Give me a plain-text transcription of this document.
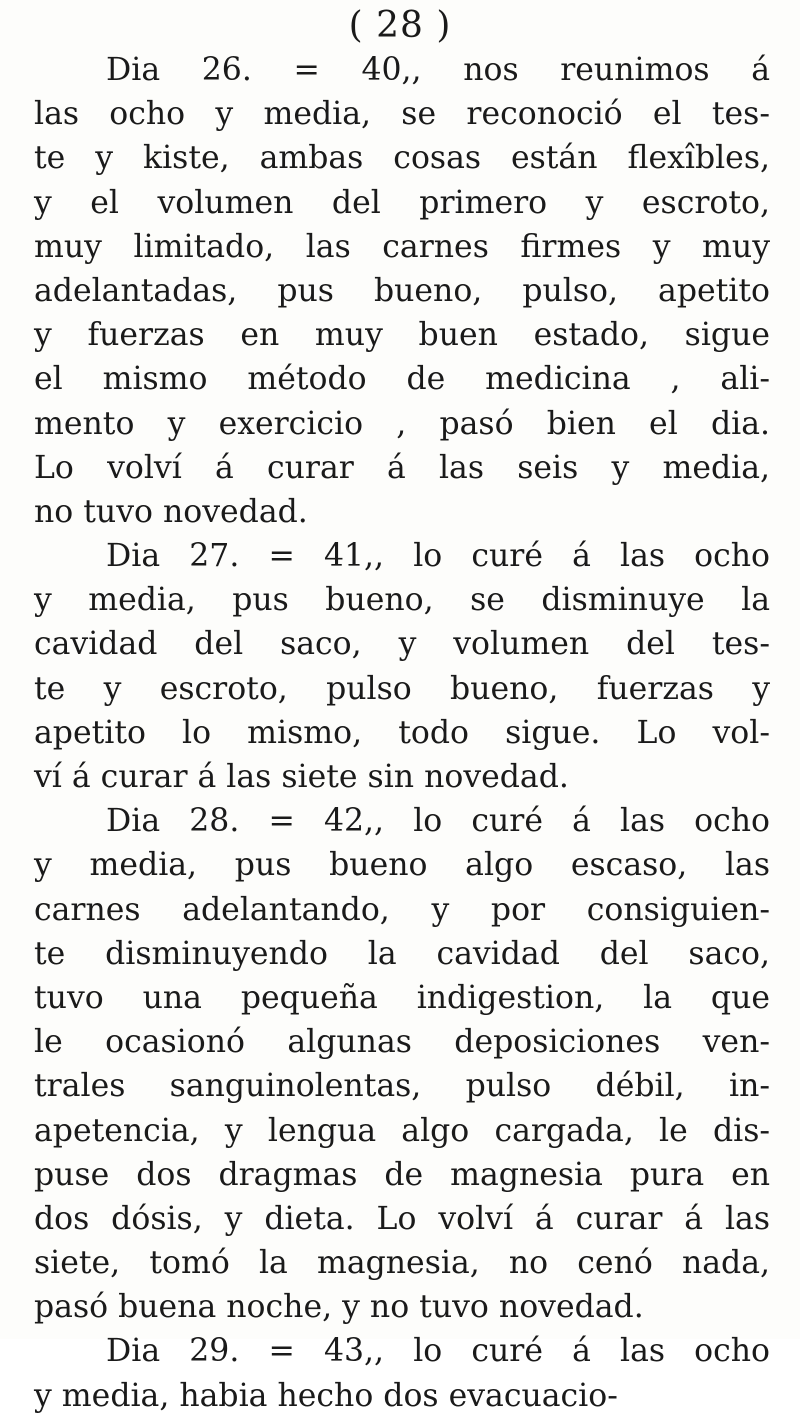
( 28 )
Dia 26. = 40,, nos reunimos á
las ocho y media, se reconoció el tes-
te y kiste, ambas cosas están flexîbles,
y el volumen del primero y escroto,
muy limitado, las carnes firmes y muy
adelantadas, pus bueno, pulso, apetito
y fuerzas en muy buen estado, sigue
el mismo método de medicina , ali-
mento y exercicio , pasó bien el dia.
Lo volví á curar á las seis y media,
no tuvo novedad.
Dia 27. = 41,, lo curé á las ocho
y media, pus bueno, se disminuye la
cavidad del saco, y volumen del tes-
te y escroto, pulso bueno, fuerzas y
apetito lo mismo, todo sigue. Lo vol-
ví á curar á las siete sin novedad.
Dia 28. = 42,, lo curé á las ocho
y media, pus bueno algo escaso, las
carnes adelantando, y por consiguien-
te disminuyendo la cavidad del saco,
tuvo una pequeña indigestion, la que
le ocasionó algunas deposiciones ven-
trales sanguinolentas, pulso débil, in-
apetencia, y lengua algo cargada, le dis-
puse dos dragmas de magnesia pura en
dos dósis, y dieta. Lo volví á curar á las
siete, tomó la magnesia, no cenó nada,
pasó buena noche, y no tuvo novedad.
Dia 29. = 43,, lo curé á las ocho
y media, habia hecho dos evacuacio-
